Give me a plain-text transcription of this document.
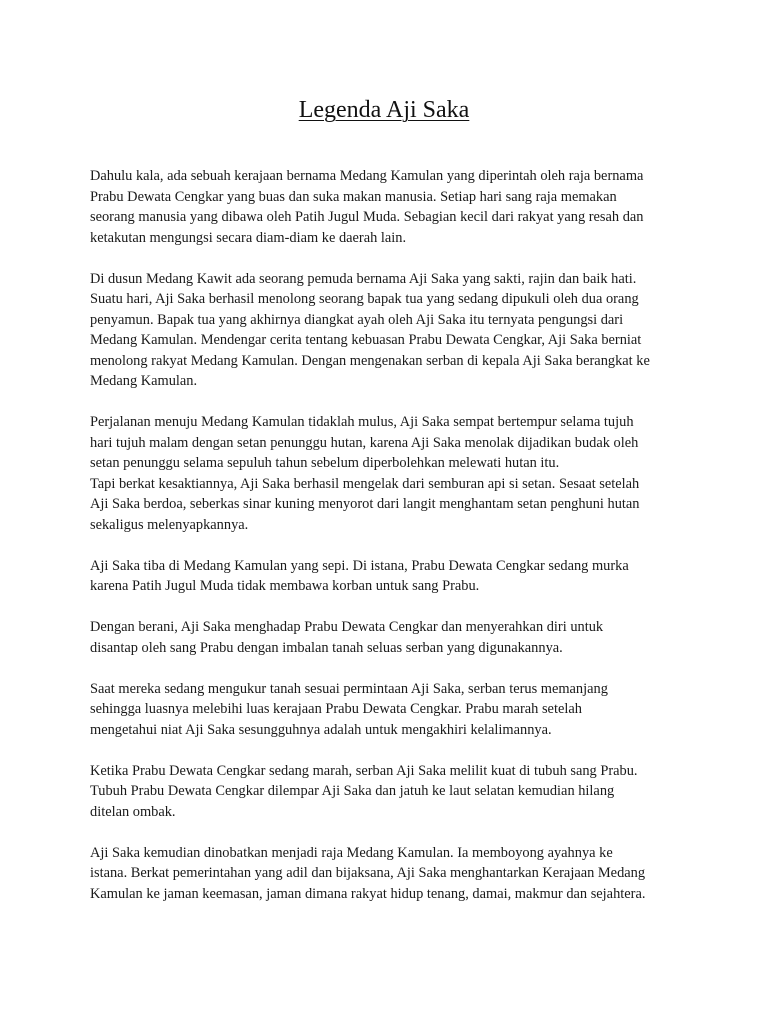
Legenda Aji Saka

Dahulu kala, ada sebuah kerajaan bernama Medang Kamulan yang diperintah oleh raja bernama
Prabu Dewata Cengkar yang buas dan suka makan manusia. Setiap hari sang raja memakan
seorang manusia yang dibawa oleh Patih Jugul Muda. Sebagian kecil dari rakyat yang resah dan
ketakutan mengungsi secara diam-diam ke daerah lain.

Di dusun Medang Kawit ada seorang pemuda bernama Aji Saka yang sakti, rajin dan baik hati.
Suatu hari, Aji Saka berhasil menolong seorang bapak tua yang sedang dipukuli oleh dua orang
penyamun. Bapak tua yang akhirnya diangkat ayah oleh Aji Saka itu ternyata pengungsi dari
Medang Kamulan. Mendengar cerita tentang kebuasan Prabu Dewata Cengkar, Aji Saka berniat
menolong rakyat Medang Kamulan. Dengan mengenakan serban di kepala Aji Saka berangkat ke
Medang Kamulan.

Perjalanan menuju Medang Kamulan tidaklah mulus, Aji Saka sempat bertempur selama tujuh
hari tujuh malam dengan setan penunggu hutan, karena Aji Saka menolak dijadikan budak oleh
setan penunggu selama sepuluh tahun sebelum diperbolehkan melewati hutan itu.
Tapi berkat kesaktiannya, Aji Saka berhasil mengelak dari semburan api si setan. Sesaat setelah
Aji Saka berdoa, seberkas sinar kuning menyorot dari langit menghantam setan penghuni hutan
sekaligus melenyapkannya.

Aji Saka tiba di Medang Kamulan yang sepi. Di istana, Prabu Dewata Cengkar sedang murka
karena Patih Jugul Muda tidak membawa korban untuk sang Prabu.

Dengan berani, Aji Saka menghadap Prabu Dewata Cengkar dan menyerahkan diri untuk
disantap oleh sang Prabu dengan imbalan tanah seluas serban yang digunakannya.

Saat mereka sedang mengukur tanah sesuai permintaan Aji Saka, serban terus memanjang
sehingga luasnya melebihi luas kerajaan Prabu Dewata Cengkar. Prabu marah setelah
mengetahui niat Aji Saka sesungguhnya adalah untuk mengakhiri kelalimannya.

Ketika Prabu Dewata Cengkar sedang marah, serban Aji Saka melilit kuat di tubuh sang Prabu.
Tubuh Prabu Dewata Cengkar dilempar Aji Saka dan jatuh ke laut selatan kemudian hilang
ditelan ombak.

Aji Saka kemudian dinobatkan menjadi raja Medang Kamulan. Ia memboyong ayahnya ke
istana. Berkat pemerintahan yang adil dan bijaksana, Aji Saka menghantarkan Kerajaan Medang
Kamulan ke jaman keemasan, jaman dimana rakyat hidup tenang, damai, makmur dan sejahtera.
